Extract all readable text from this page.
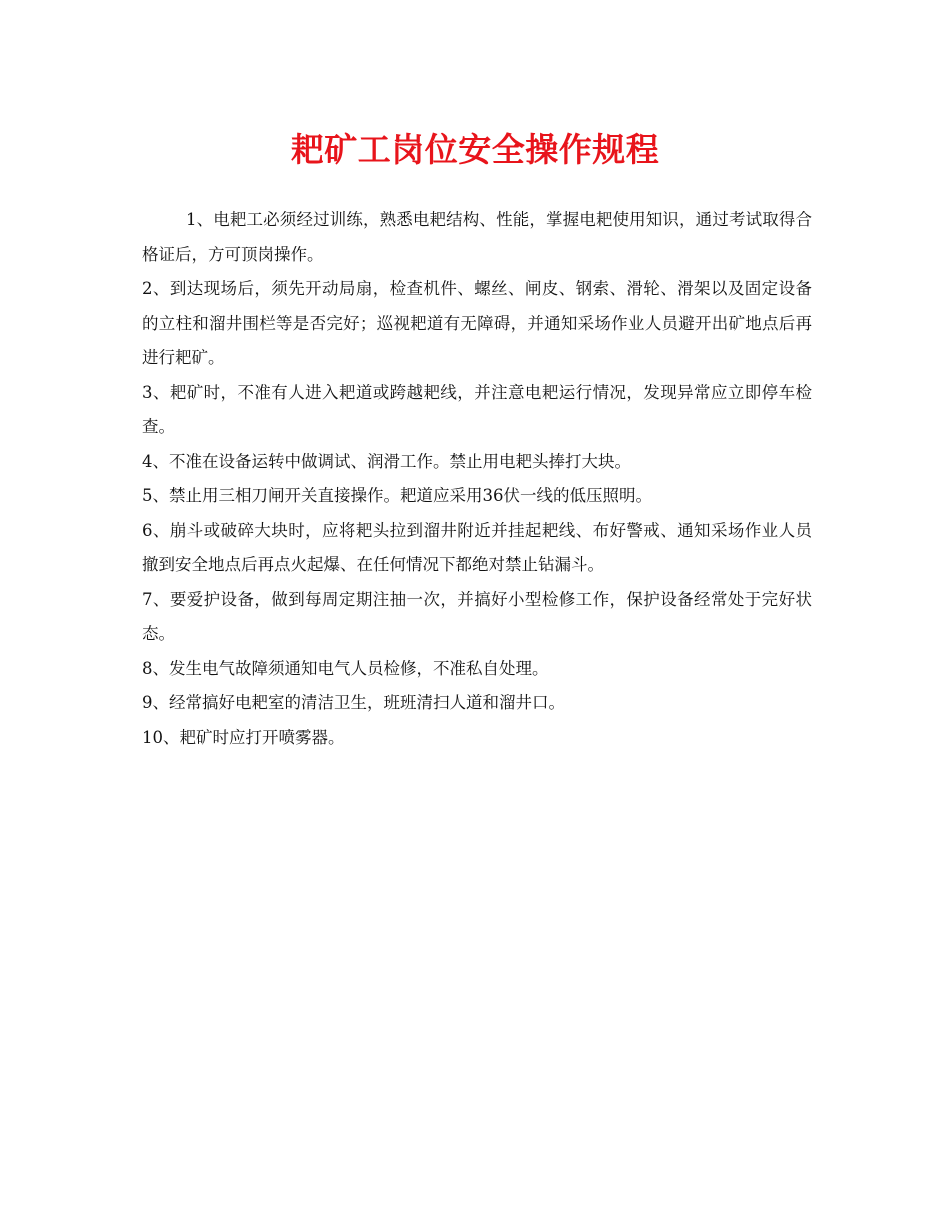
耙矿工岗位安全操作规程

1、电耙工必须经过训练，熟悉电耙结构、性能，掌握电耙使用知识，通过考试取得合格证后，方可顶岗操作。

2、到达现场后，须先开动局扇，检查机件、螺丝、闸皮、钢索、滑轮、滑架以及固定设备的立柱和溜井围栏等是否完好；巡视耙道有无障碍，并通知采场作业人员避开出矿地点后再进行耙矿。

3、耙矿时，不准有人进入耙道或跨越耙线，并注意电耙运行情况，发现异常应立即停车检查。

4、不准在设备运转中做调试、润滑工作。禁止用电耙头捧打大块。

5、禁止用三相刀闸开关直接操作。耙道应采用36伏一线的低压照明。

6、崩斗或破碎大块时，应将耙头拉到溜井附近并挂起耙线、布好警戒、通知采场作业人员撤到安全地点后再点火起爆、在任何情况下都绝对禁止钻漏斗。

7、要爱护设备，做到每周定期注抽一次，并搞好小型检修工作，保护设备经常处于完好状态。

8、发生电气故障须通知电气人员检修，不准私自处理。

9、经常搞好电耙室的清洁卫生，班班清扫人道和溜井口。

10、耙矿时应打开喷雾器。
